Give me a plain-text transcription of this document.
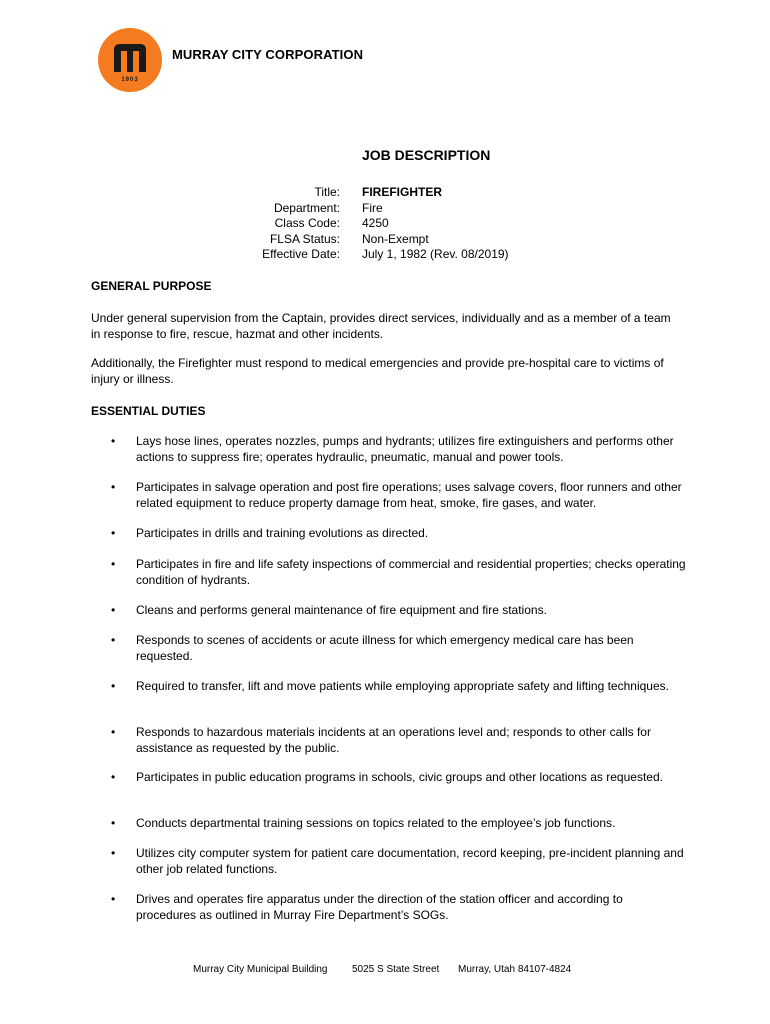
1903
MURRAY CITY CORPORATION
JOB DESCRIPTION
Title:
Department:
Class Code:
FLSA Status:
Effective Date:
FIREFIGHTER
Fire
4250
Non-Exempt
July 1, 1982 (Rev. 08/2019)
GENERAL PURPOSE
Under general supervision from the Captain, provides direct services, individually and as a member of a team in response to fire, rescue, hazmat and other incidents.
Additionally, the Firefighter must respond to medical emergencies and provide pre-hospital care to victims of injury or illness.
ESSENTIAL DUTIES
• Lays hose lines, operates nozzles, pumps and hydrants; utilizes fire extinguishers and performs other actions to suppress fire; operates hydraulic, pneumatic, manual and power tools.
• Participates in salvage operation and post fire operations; uses salvage covers, floor runners and other related equipment to reduce property damage from heat, smoke, fire gases, and water.
• Participates in drills and training evolutions as directed.
• Participates in fire and life safety inspections of commercial and residential properties; checks operating condition of hydrants.
• Cleans and performs general maintenance of fire equipment and fire stations.
• Responds to scenes of accidents or acute illness for which emergency medical care has been requested.
• Required to transfer, lift and move patients while employing appropriate safety and lifting techniques.
• Responds to hazardous materials incidents at an operations level and; responds to other calls for assistance as requested by the public.
• Participates in public education programs in schools, civic groups and other locations as requested.
• Conducts departmental training sessions on topics related to the employee’s job functions.
• Utilizes city computer system for patient care documentation, record keeping, pre-incident planning and other job related functions.
• Drives and operates fire apparatus under the direction of the station officer and according to procedures as outlined in Murray Fire Department’s SOGs.
Murray City Municipal Building 5025 S State Street Murray, Utah 84107-4824
